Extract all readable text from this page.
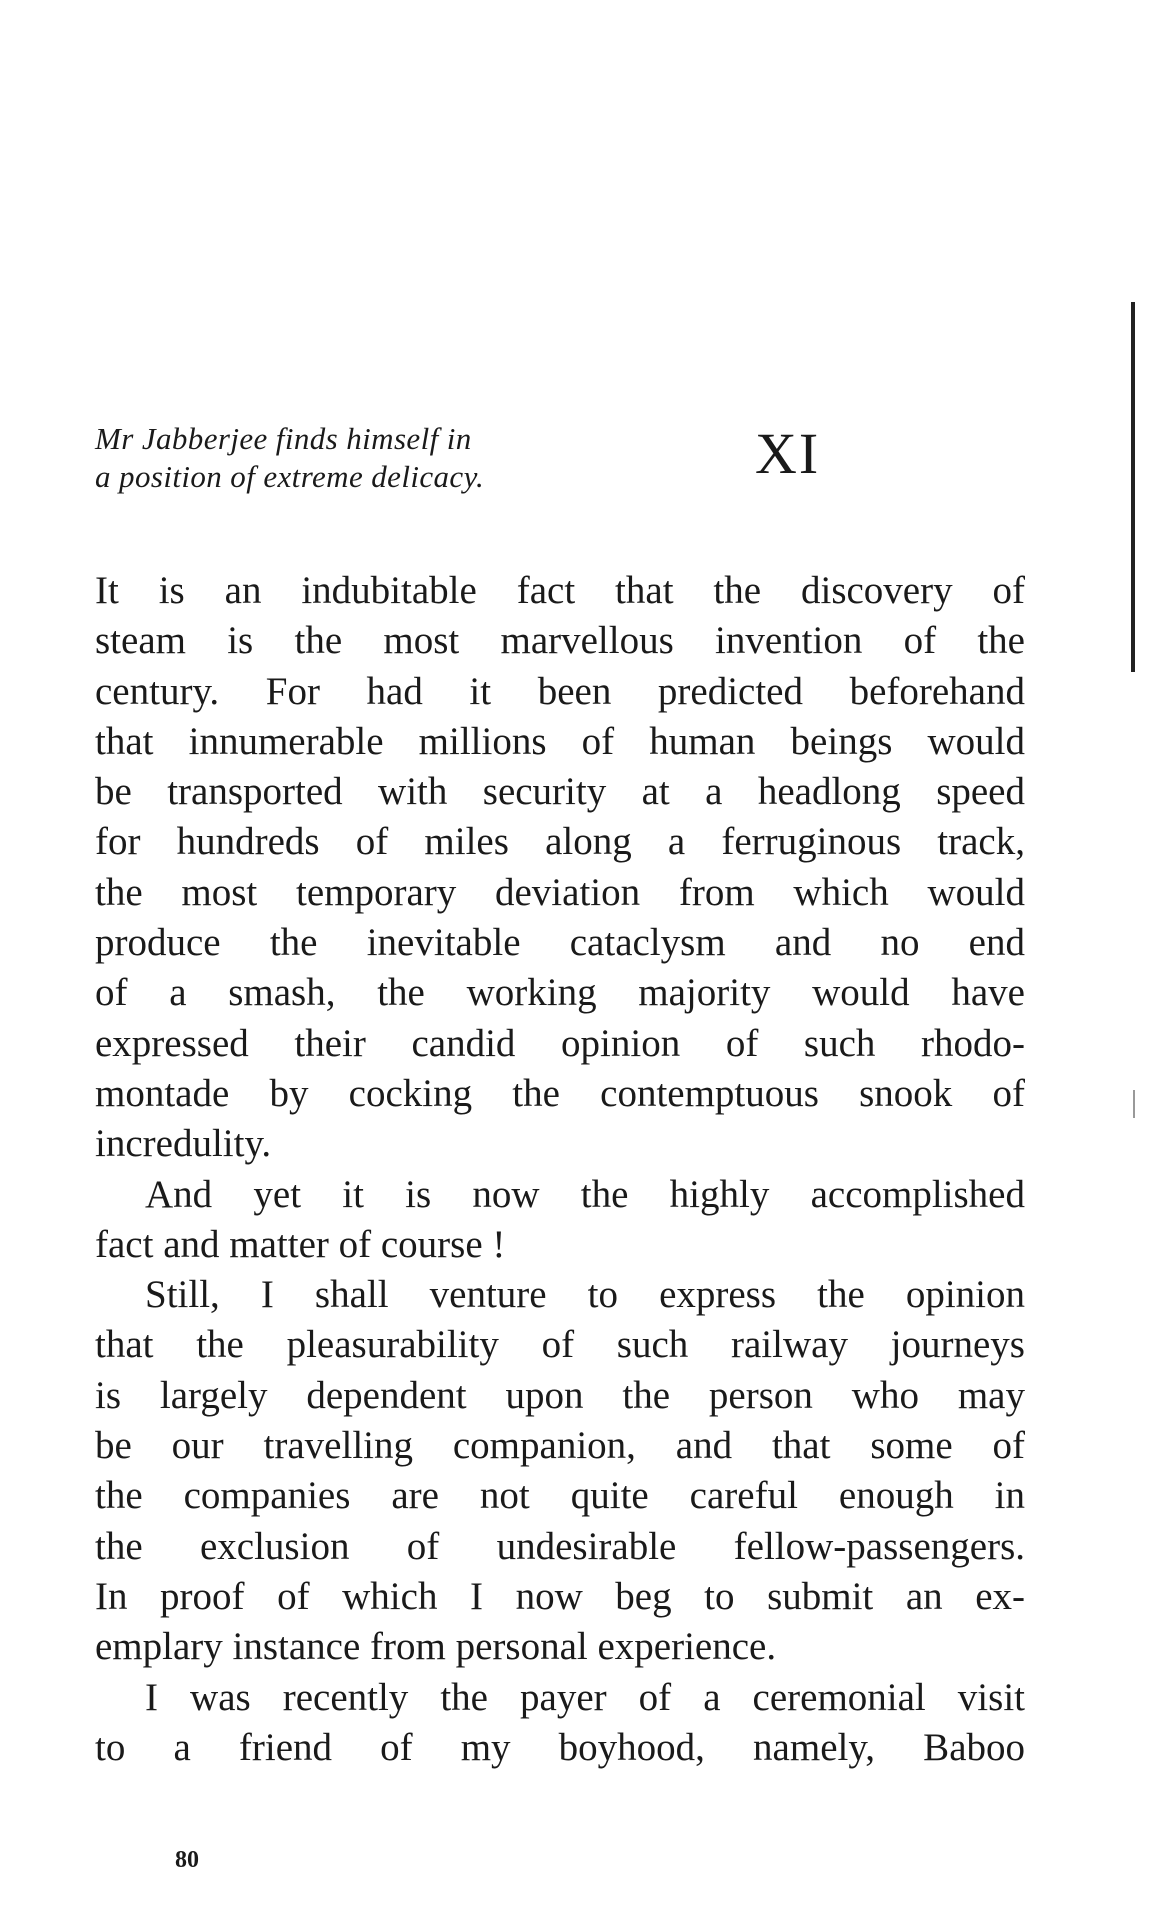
Mr Jabberjee finds himself in
a position of extreme delicacy.	XI
It is an indubitable fact that the discovery of
steam is the most marvellous invention of the
century. For had it been predicted beforehand
that innumerable millions of human beings would
be transported with security at a headlong speed
for hundreds of miles along a ferruginous track,
the most temporary deviation from which would
produce the inevitable cataclysm and no end
of a smash, the working majority would have
expressed their candid opinion of such rhodo-
montade by cocking the contemptuous snook of
incredulity.
And yet it is now the highly accomplished
fact and matter of course !
Still, I shall venture to express the opinion
that the pleasurability of such railway journeys
is largely dependent upon the person who may
be our travelling companion, and that some of
the companies are not quite careful enough in
the exclusion of undesirable fellow-passengers.
In proof of which I now beg to submit an ex-
emplary instance from personal experience.
I was recently the payer of a ceremonial visit
to a friend of my boyhood, namely, Baboo
80
